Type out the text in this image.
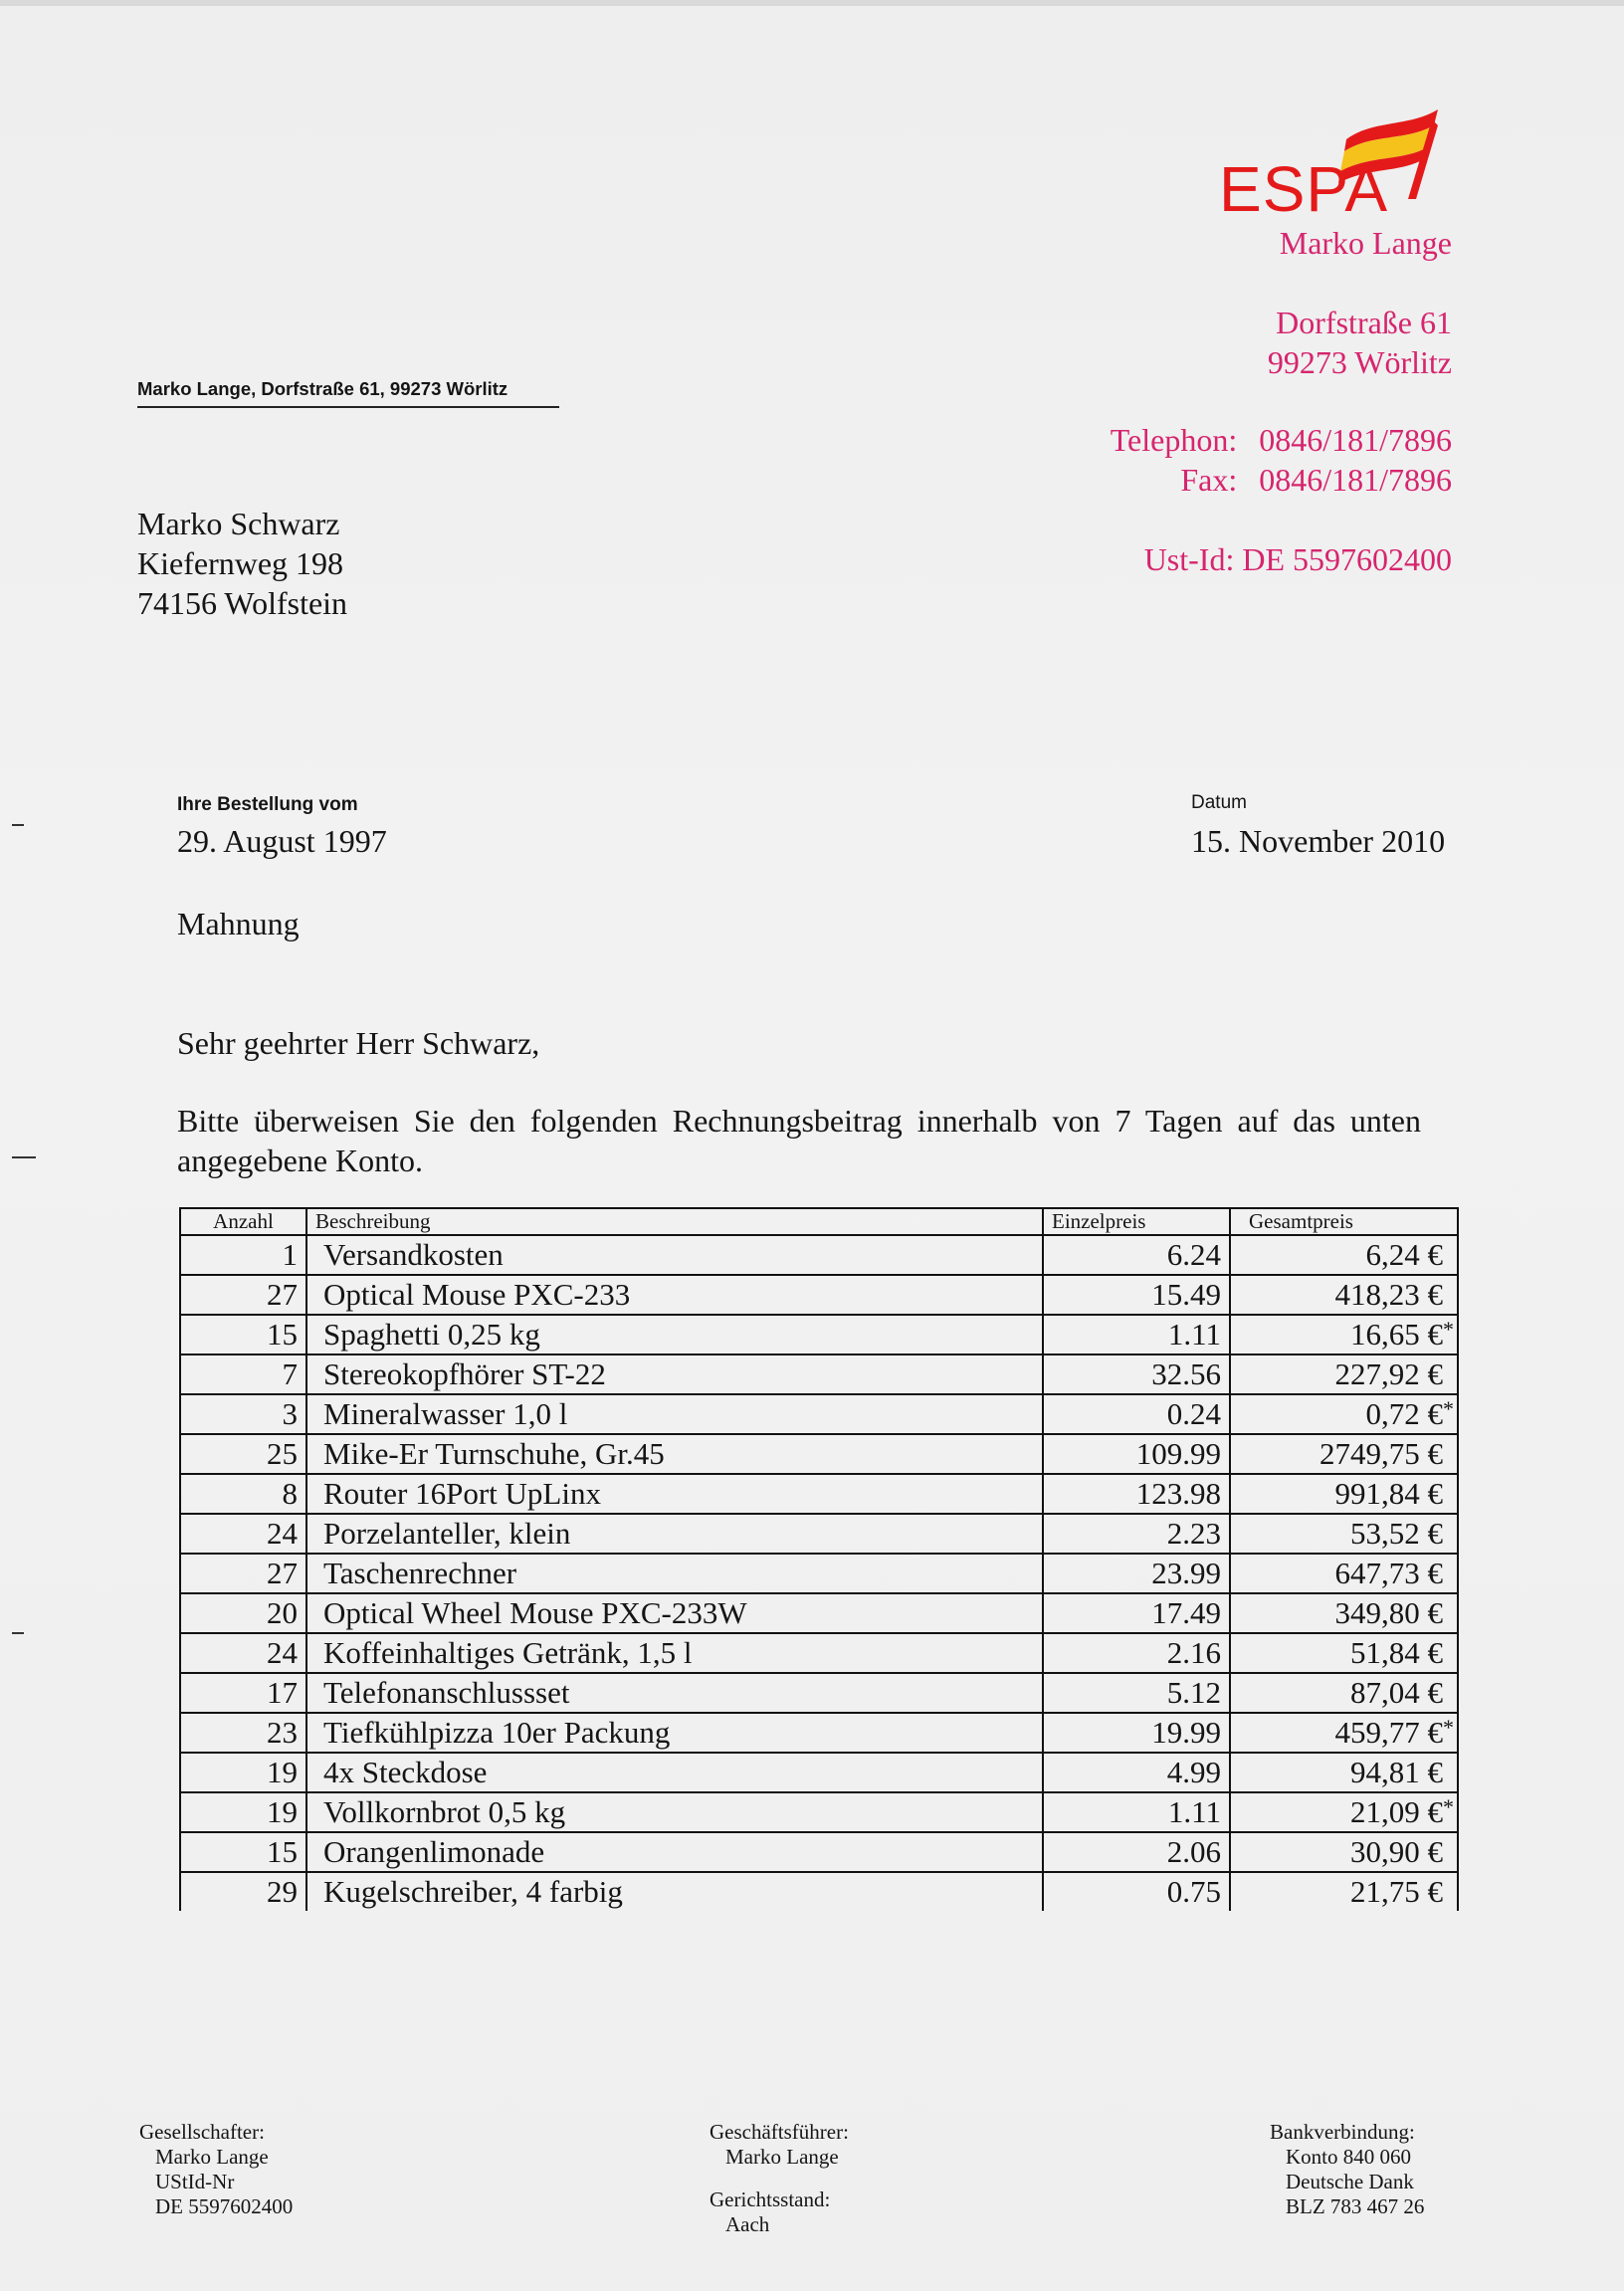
ESPA
Marko Lange
Dorfstraße 61
99273 Wörlitz
Telephon: 0846/181/7896
Fax: 0846/181/7896
Ust-Id: DE 5597602400
Marko Lange, Dorfstraße 61, 99273 Wörlitz
Marko Schwarz
Kiefernweg 198
74156 Wolfstein
Ihre Bestellung vom
29. August 1997
Datum
15. November 2010
Mahnung
Sehr geehrter Herr Schwarz,
Bitte überweisen Sie den folgenden Rechnungsbeitrag innerhalb von 7 Tagen auf das unten angegebene Konto.
Anzahl	Beschreibung	Einzelpreis	Gesamtpreis
1	Versandkosten	6.24	6,24 €
27	Optical Mouse PXC-233	15.49	418,23 €
15	Spaghetti 0,25 kg	1.11	16,65 €*
7	Stereokopfhörer ST-22	32.56	227,92 €
3	Mineralwasser 1,0 l	0.24	0,72 €*
25	Mike-Er Turnschuhe, Gr.45	109.99	2749,75 €
8	Router 16Port UpLinx	123.98	991,84 €
24	Porzelanteller, klein	2.23	53,52 €
27	Taschenrechner	23.99	647,73 €
20	Optical Wheel Mouse PXC-233W	17.49	349,80 €
24	Koffeinhaltiges Getränk, 1,5 l	2.16	51,84 €
17	Telefonanschlussset	5.12	87,04 €
23	Tiefkühlpizza 10er Packung	19.99	459,77 €*
19	4x Steckdose	4.99	94,81 €
19	Vollkornbrot 0,5 kg	1.11	21,09 €*
15	Orangenlimonade	2.06	30,90 €
29	Kugelschreiber, 4 farbig	0.75	21,75 €
Gesellschafter:
Marko Lange
UStId-Nr
DE 5597602400
Geschäftsführer:
Marko Lange
Gerichtsstand:
Aach
Bankverbindung:
Konto 840 060
Deutsche Dank
BLZ 783 467 26
